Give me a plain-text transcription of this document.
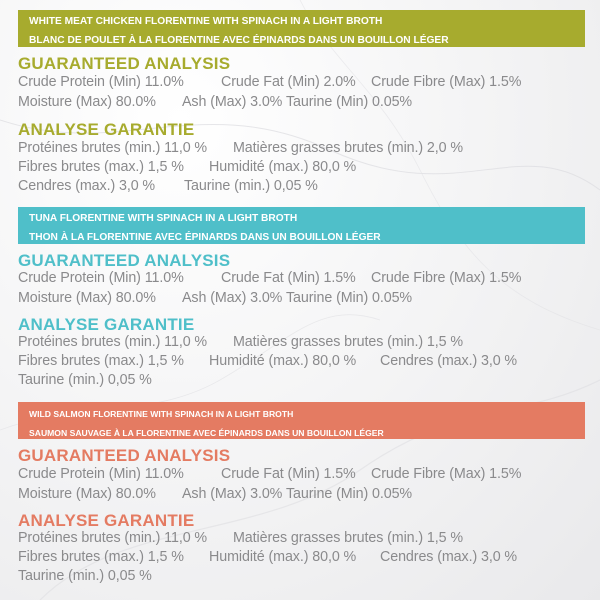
WHITE MEAT CHICKEN FLORENTINE WITH SPINACH IN A LIGHT BROTH
BLANC DE POULET À LA FLORENTINE AVEC ÉPINARDS DANS UN BOUILLON LÉGER
GUARANTEED ANALYSIS
Crude Protein (Min) 11.0%	Crude Fat (Min) 2.0% Crude Fibre (Max) 1.5%
Moisture (Max) 80.0% Ash (Max) 3.0% Taurine (Min) 0.05%
ANALYSE GARANTIE
Protéines brutes (min.) 11,0 % Matières grasses brutes (min.) 2,0 %
Fibres brutes (max.) 1,5 % Humidité (max.) 80,0 %
Cendres (max.) 3,0 % Taurine (min.) 0,05 %
TUNA FLORENTINE WITH SPINACH IN A LIGHT BROTH
THON À LA FLORENTINE AVEC ÉPINARDS DANS UN BOUILLON LÉGER
GUARANTEED ANALYSIS
Crude Protein (Min) 11.0%	Crude Fat (Min) 1.5% Crude Fibre (Max) 1.5%
Moisture (Max) 80.0% Ash (Max) 3.0% Taurine (Min) 0.05%
ANALYSE GARANTIE
Protéines brutes (min.) 11,0 % Matières grasses brutes (min.) 1,5 %
Fibres brutes (max.) 1,5 % Humidité (max.) 80,0 % Cendres (max.) 3,0 %
Taurine (min.) 0,05 %
WILD SALMON FLORENTINE WITH SPINACH IN A LIGHT BROTH
SAUMON SAUVAGE À LA FLORENTINE AVEC ÉPINARDS DANS UN BOUILLON LÉGER
GUARANTEED ANALYSIS
Crude Protein (Min) 11.0%	Crude Fat (Min) 1.5% Crude Fibre (Max) 1.5%
Moisture (Max) 80.0% Ash (Max) 3.0% Taurine (Min) 0.05%
ANALYSE GARANTIE
Protéines brutes (min.) 11,0 % Matières grasses brutes (min.) 1,5 %
Fibres brutes (max.) 1,5 % Humidité (max.) 80,0 % Cendres (max.) 3,0 %
Taurine (min.) 0,05 %
